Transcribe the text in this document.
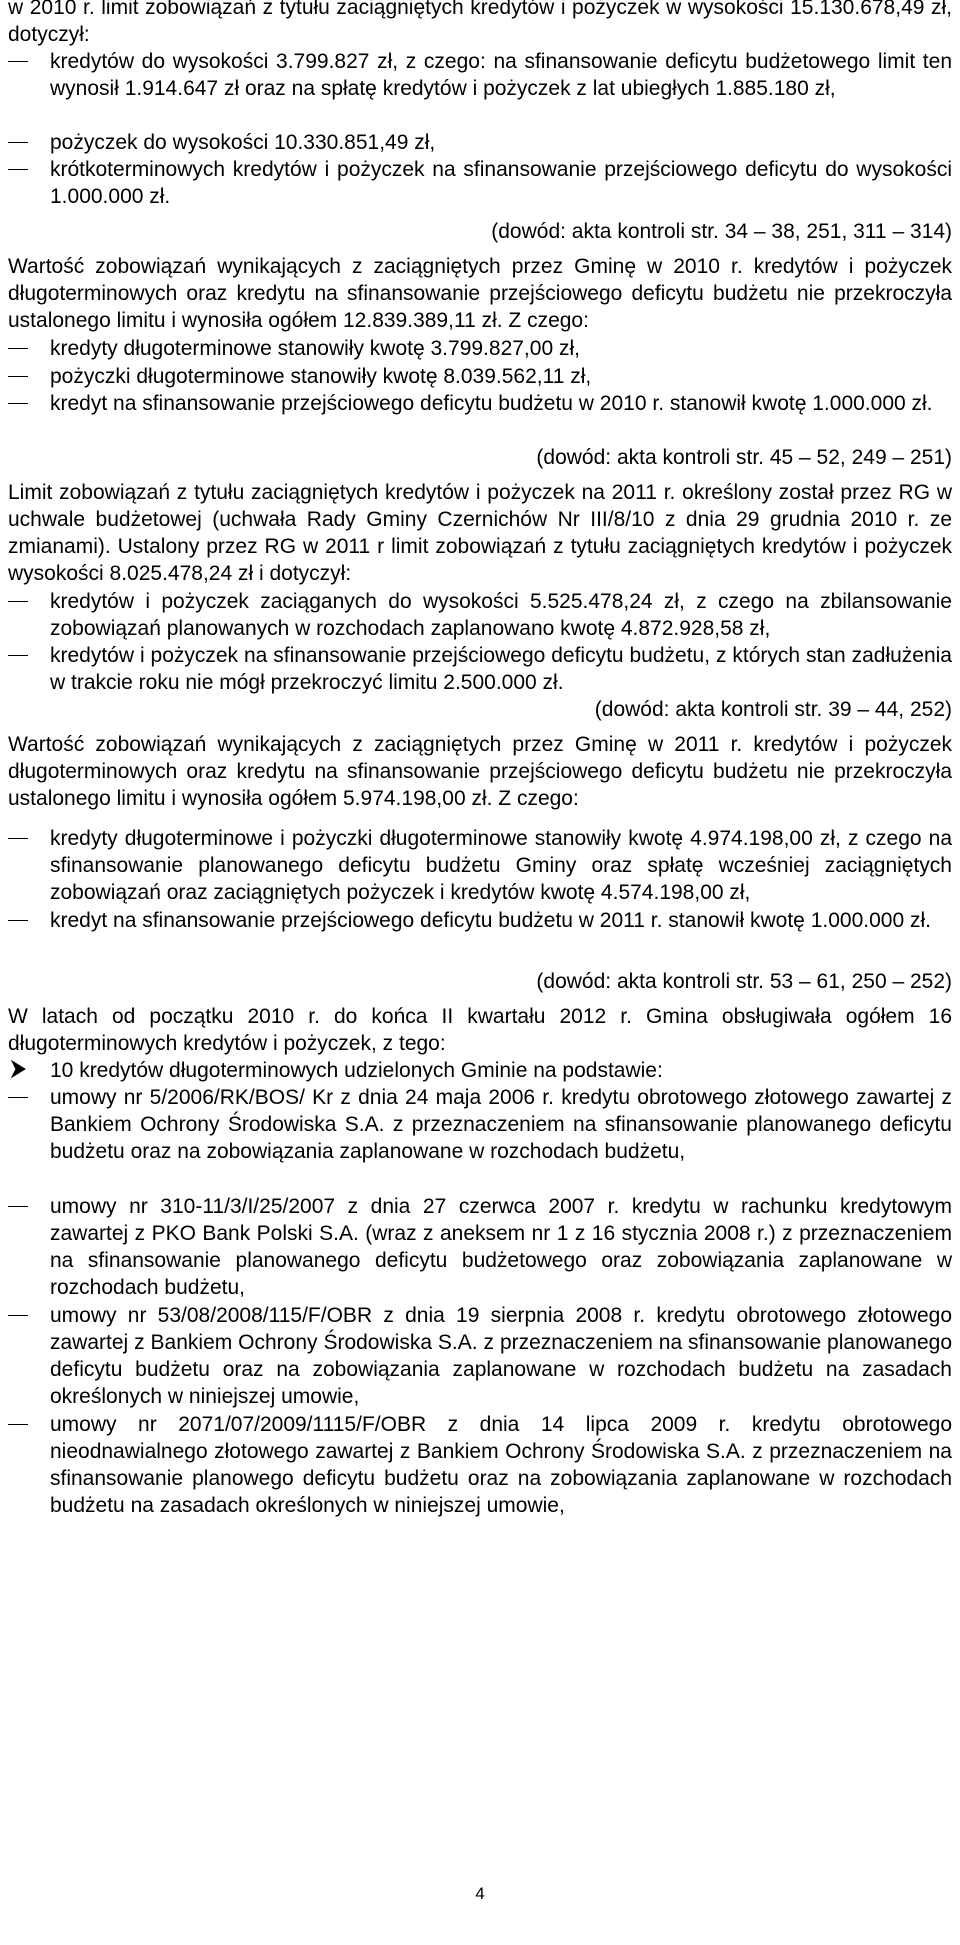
w 2010 r. limit zobowiązań z tytułu zaciągniętych kredytów i pożyczek w wysokości 15.130.678,49 zł, dotyczył:

kredytów do wysokości 3.799.827 zł, z czego: na sfinansowanie deficytu budżetowego limit ten wynosił 1.914.647 zł oraz na spłatę kredytów i pożyczek z lat ubiegłych 1.885.180 zł,
pożyczek do wysokości 10.330.851,49 zł,
krótkoterminowych kredytów i pożyczek na sfinansowanie przejściowego deficytu do wysokości 1.000.000 zł.
(dowód: akta kontroli str. 34 – 38, 251, 311 – 314)

Wartość zobowiązań wynikających z zaciągniętych przez Gminę w 2010 r. kredytów i pożyczek długoterminowych oraz kredytu na sfinansowanie przejściowego deficytu budżetu nie przekroczyła ustalonego limitu i wynosiła ogółem 12.839.389,11 zł. Z czego:

kredyty długoterminowe stanowiły kwotę 3.799.827,00 zł,
pożyczki długoterminowe stanowiły kwotę 8.039.562,11 zł,
kredyt na sfinansowanie przejściowego deficytu budżetu w 2010 r. stanowił kwotę 1.000.000 zł.
(dowód: akta kontroli str. 45 – 52, 249 – 251)

Limit zobowiązań z tytułu zaciągniętych kredytów i pożyczek na 2011 r. określony został przez RG w uchwale budżetowej (uchwała Rady Gminy Czernichów Nr III/8/10 z dnia 29 grudnia 2010 r. ze zmianami). Ustalony przez RG w 2011 r limit zobowiązań z tytułu zaciągniętych kredytów i pożyczek wysokości 8.025.478,24 zł i dotyczył:

kredytów i pożyczek zaciąganych do wysokości 5.525.478,24 zł, z czego na zbilansowanie zobowiązań planowanych w rozchodach zaplanowano kwotę 4.872.928,58 zł,
kredytów i pożyczek na sfinansowanie przejściowego deficytu budżetu, z których stan zadłużenia w trakcie roku nie mógł przekroczyć limitu 2.500.000 zł.
(dowód: akta kontroli str. 39 – 44, 252)

Wartość zobowiązań wynikających z zaciągniętych przez Gminę w 2011 r. kredytów i pożyczek długoterminowych oraz kredytu na sfinansowanie przejściowego deficytu budżetu nie przekroczyła ustalonego limitu i wynosiła ogółem 5.974.198,00 zł. Z czego:

kredyty długoterminowe i pożyczki długoterminowe stanowiły kwotę 4.974.198,00 zł, z czego na sfinansowanie planowanego deficytu budżetu Gminy oraz spłatę wcześniej zaciągniętych zobowiązań oraz zaciągniętych pożyczek i kredytów kwotę 4.574.198,00 zł,
kredyt na sfinansowanie przejściowego deficytu budżetu w 2011 r. stanowił kwotę 1.000.000 zł.
(dowód: akta kontroli str. 53 – 61, 250 – 252)

W latach od początku 2010 r. do końca II kwartału 2012 r. Gmina obsługiwała ogółem 16 długoterminowych kredytów i pożyczek, z tego:

10 kredytów długoterminowych udzielonych Gminie na podstawie:
umowy nr 5/2006/RK/BOS/ Kr z dnia 24 maja 2006 r. kredytu obrotowego złotowego zawartej z Bankiem Ochrony Środowiska S.A. z przeznaczeniem na sfinansowanie planowanego deficytu budżetu oraz na zobowiązania zaplanowane w rozchodach budżetu,
umowy nr 310-11/3/I/25/2007 z dnia 27 czerwca 2007 r. kredytu w rachunku kredytowym zawartej z PKO Bank Polski S.A. (wraz z aneksem nr 1 z 16 stycznia 2008 r.) z przeznaczeniem na sfinansowanie planowanego deficytu budżetowego oraz zobowiązania zaplanowane w rozchodach budżetu,
umowy nr 53/08/2008/115/F/OBR z dnia 19 sierpnia 2008 r. kredytu obrotowego złotowego zawartej z Bankiem Ochrony Środowiska S.A. z przeznaczeniem na sfinansowanie planowanego deficytu budżetu oraz na zobowiązania zaplanowane w rozchodach budżetu na zasadach określonych w niniejszej umowie,
umowy nr 2071/07/2009/1115/F/OBR z dnia 14 lipca 2009 r. kredytu obrotowego nieodnawialnego złotowego zawartej z Bankiem Ochrony Środowiska S.A. z przeznaczeniem na sfinansowanie planowego deficytu budżetu oraz na zobowiązania zaplanowane w rozchodach budżetu na zasadach określonych w niniejszej umowie,
4
